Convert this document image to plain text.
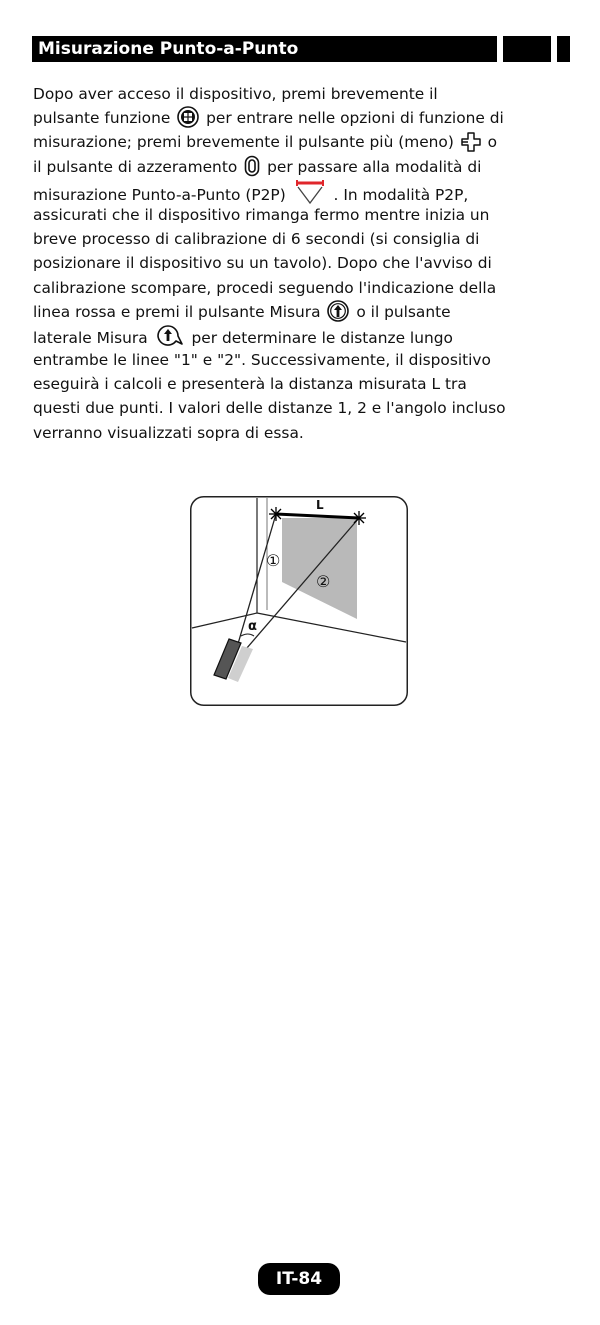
Misurazione Punto-a-Punto
Dopo aver acceso il dispositivo, premi brevemente il
pulsante funzione per entrare nelle opzioni di funzione di
misurazione; premi brevemente il pulsante più (meno) o
il pulsante di azzeramento per passare alla modalità di
misurazione Punto-a-Punto (P2P)	. In modalità P2P,
assicurati che il dispositivo rimanga fermo mentre inizia un
breve processo di calibrazione di 6 secondi (si consiglia di
posizionare il dispositivo su un tavolo). Dopo che l'avviso di
calibrazione scompare, procedi seguendo l'indicazione della
linea rossa e premi il pulsante Misura o il pulsante
laterale Misura	per determinare le distanze lungo
entrambe le linee "1" e "2". Successivamente, il dispositivo
eseguirà i calcoli e presenterà la distanza misurata L tra
questi due punti. I valori delle distanze 1, 2 e l'angolo incluso
verranno visualizzati sopra di essa.
L
①
②
α
IT-84
